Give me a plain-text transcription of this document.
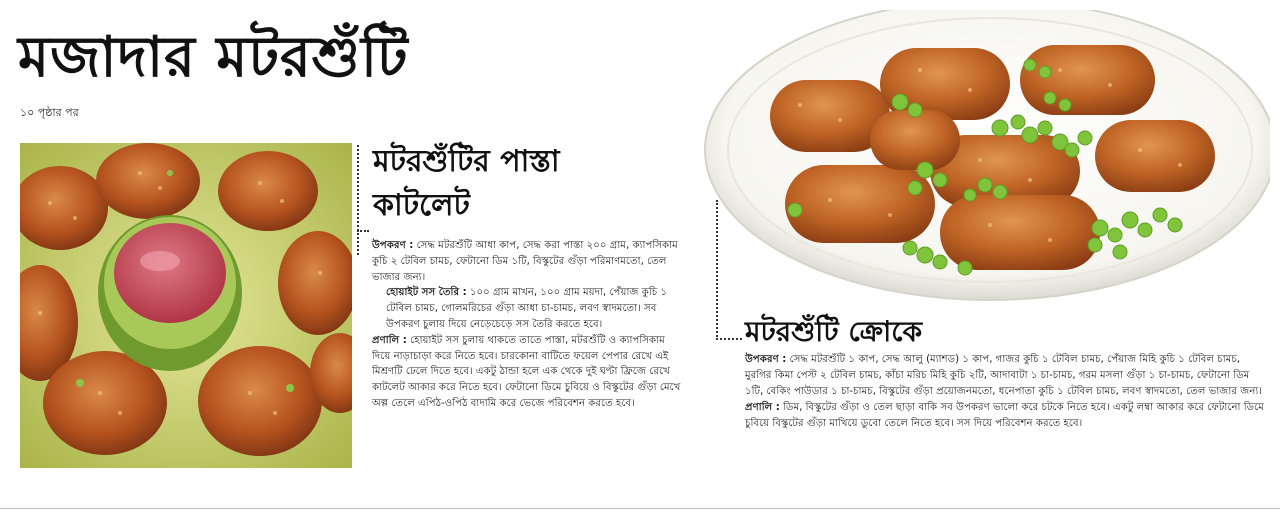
মজাদার মটরশুঁটি
১০ পৃষ্ঠার পর
মটরশুঁটির পাস্তা
কাটলেট

উপকরণ : সেদ্ধ মটরশুঁটি আধা কাপ, সেদ্ধ করা পাস্তা ২০০ গ্রাম, ক্যাপসিকাম কুচি ২ টেবিল চামচ, ফেটানো ডিম ১টি, বিস্কুটের গুঁড়া পরিমাণমতো, তেল ভাজার জন্য।

হোয়াইট সস তৈরি : ১০০ গ্রাম মাখন, ১০০ গ্রাম ময়দা, পেঁয়াজ কুচি ১ টেবিল চামচ, গোলমরিচের গুঁড়া আধা চা-চামচ, লবণ স্বাদমতো। সব উপকরণ চুলায় দিয়ে নেড়েচেড়ে সস তৈরি করতে হবে।

প্রণালি : হোয়াইট সস চুলায় থাকতে তাতে পাস্তা, মটরশুঁটি ও ক্যাপসিকাম দিয়ে নাড়াচাড়া করে নিতে হবে। চারকোনা বাটিতে ফয়েল পেপার রেখে এই মিশ্রণটি ঢেলে দিতে হবে। একটু ঠান্ডা হলে এক থেকে দুই ঘণ্টা ফ্রিজে রেখে কাটলেট আকার করে নিতে হবে। ফেটানো ডিমে চুবিয়ে ও বিস্কুটের গুঁড়া মেখে অল্প তেলে এপিঠ-ওপিঠ বাদামি করে ভেজে পরিবেশন করতে হবে।

মটরশুঁটি ক্রোকে

উপকরণ : সেদ্ধ মটরশুঁটি ১ কাপ, সেদ্ধ আলু (ম্যাশড) ১ কাপ, গাজর কুচি ১ টেবিল চামচ, পেঁয়াজ মিহি কুচি ১ টেবিল চামচ, মুরগির কিমা পেস্ট ২ টেবিল চামচ, কাঁচা মরিচ মিহি কুচি ২টি, আদাবাটা ১ চা-চামচ, গরম মসলা গুঁড়া ১ চা-চামচ, ফেটানো ডিম ১টি, বেকিং পাউডার ১ চা-চামচ, বিস্কুটের গুঁড়া প্রয়োজনমতো, ধনেপাতা কুচি ১ টেবিল চামচ, লবণ স্বাদমতো, তেল ভাজার জন্য।

প্রণালি : ডিম, বিস্কুটের গুঁড়া ও তেল ছাড়া বাকি সব উপকরণ ভালো করে চটকে নিতে হবে। একটু লম্বা আকার করে ফেটানো ডিমে চুবিয়ে বিস্কুটের গুঁড়া মাখিয়ে ডুবো তেলে নিতে হবে। সস দিয়ে পরিবেশন করতে হবে।
